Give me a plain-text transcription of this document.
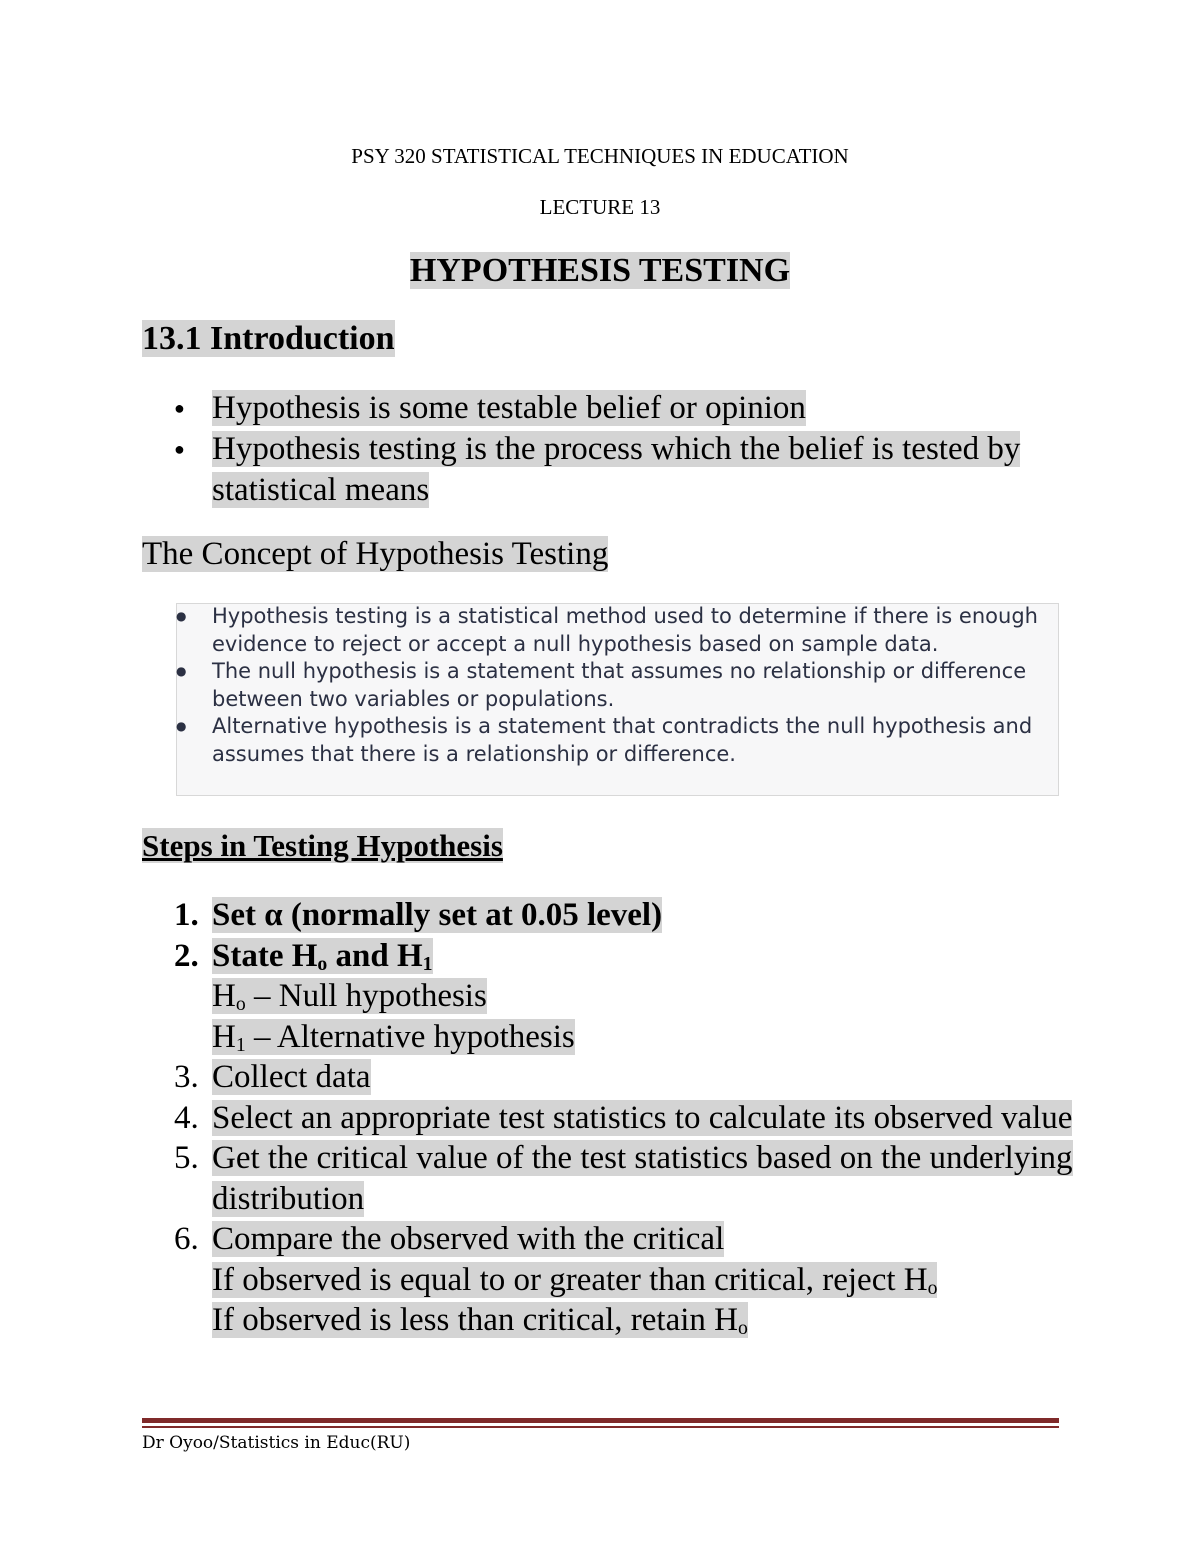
PSY 320 STATISTICAL TECHNIQUES IN EDUCATION
LECTURE 13
HYPOTHESIS TESTING
13.1 Introduction
● Hypothesis is some testable belief or opinion
● Hypothesis testing is the process which the belief is tested by statistical means
The Concept of Hypothesis Testing
● Hypothesis testing is a statistical method used to determine if there is enough evidence to reject or accept a null hypothesis based on sample data.
● The null hypothesis is a statement that assumes no relationship or difference between two variables or populations.
● Alternative hypothesis is a statement that contradicts the null hypothesis and assumes that there is a relationship or difference.
Steps in Testing Hypothesis
1. Set α (normally set at 0.05 level)
2. State $H_o$ and $H_1$
$H_o$ – Null hypothesis
$H_1$ – Alternative hypothesis
3. Collect data
4. Select an appropriate test statistics to calculate its observed value
5. Get the critical value of the test statistics based on the underlying distribution
6. Compare the observed with the critical
If observed is equal to or greater than critical, reject $H_o$
If observed is less than critical, retain $H_o$
Dr Oyoo/Statistics in Educ(RU)
